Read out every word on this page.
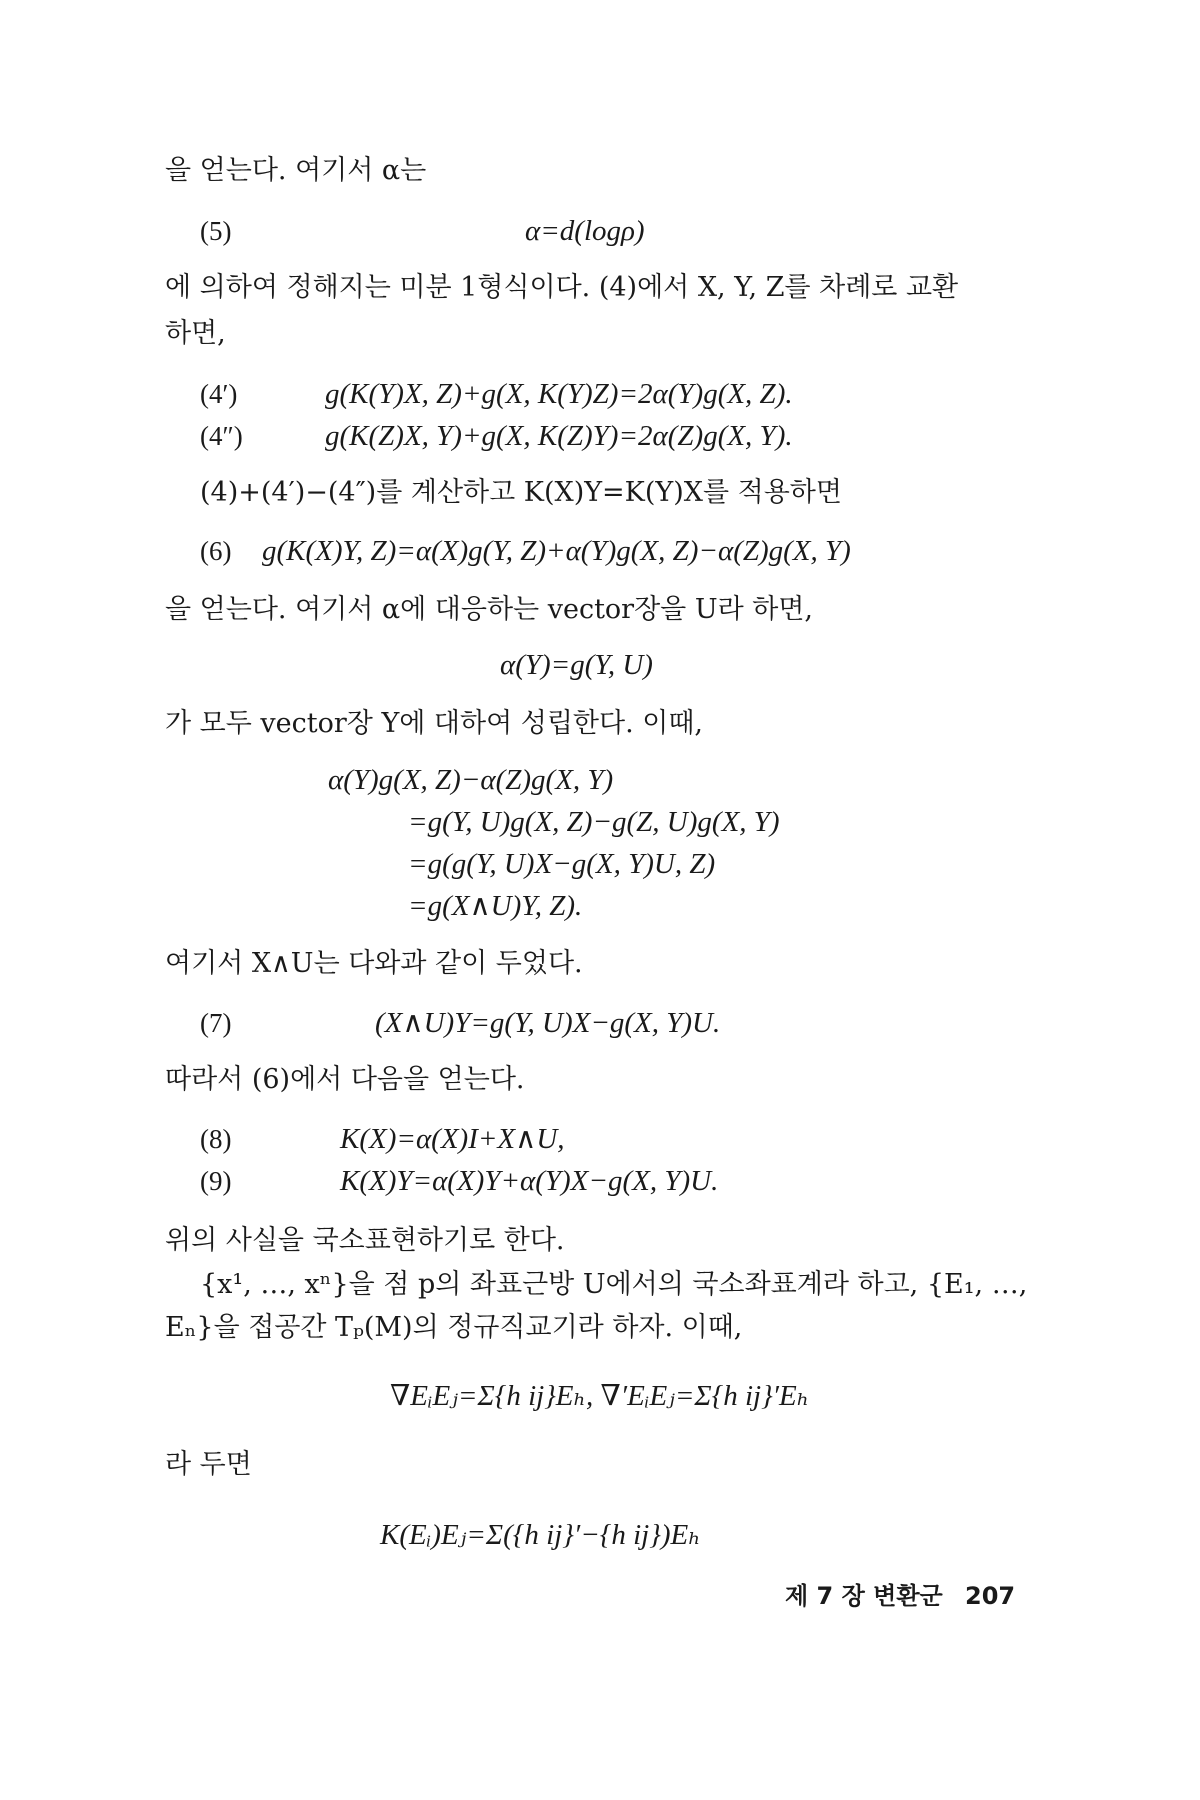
을 얻는다. 여기서 α는
(5)	α=d(logρ)
에 의하여 정해지는 미분 1형식이다. (4)에서 X, Y, Z를 차례로 교환
하면,
(4′)	g(K(Y)X, Z)+g(X, K(Y)Z)=2α(Y)g(X, Z).
(4″)	g(K(Z)X, Y)+g(X, K(Z)Y)=2α(Z)g(X, Y).
(4)+(4′)−(4″)를 계산하고 K(X)Y=K(Y)X를 적용하면
(6) g(K(X)Y, Z)=α(X)g(Y, Z)+α(Y)g(X, Z)−α(Z)g(X, Y)
을 얻는다. 여기서 α에 대응하는 vector장을 U라 하면,
α(Y)=g(Y, U)
가 모두 vector장 Y에 대하여 성립한다. 이때,
α(Y)g(X, Z)−α(Z)g(X, Y)
=g(Y, U)g(X, Z)−g(Z, U)g(X, Y)
=g(g(Y, U)X−g(X, Y)U, Z)
=g(X∧U)Y, Z).
여기서 X∧U는 다와과 같이 두었다.
(7)	(X∧U)Y=g(Y, U)X−g(X, Y)U.
따라서 (6)에서 다음을 얻는다.
(8)	K(X)=α(X)I+X∧U,
(9)	K(X)Y=α(X)Y+α(Y)X−g(X, Y)U.
위의 사실을 국소표현하기로 한다.
{x¹, …, xⁿ}을 점 p의 좌표근방 U에서의 국소좌표계라 하고, {E₁, …,
Eₙ}을 접공간 Tₚ(M)의 정규직교기라 하자. 이때,
∇EᵢEⱼ=Σ{h ij}Eₕ, ∇′EᵢEⱼ=Σ{h ij}′Eₕ
라 두면
K(Eᵢ)Eⱼ=Σ({h ij}′−{h ij})Eₕ
제 7 장 변환군 207
